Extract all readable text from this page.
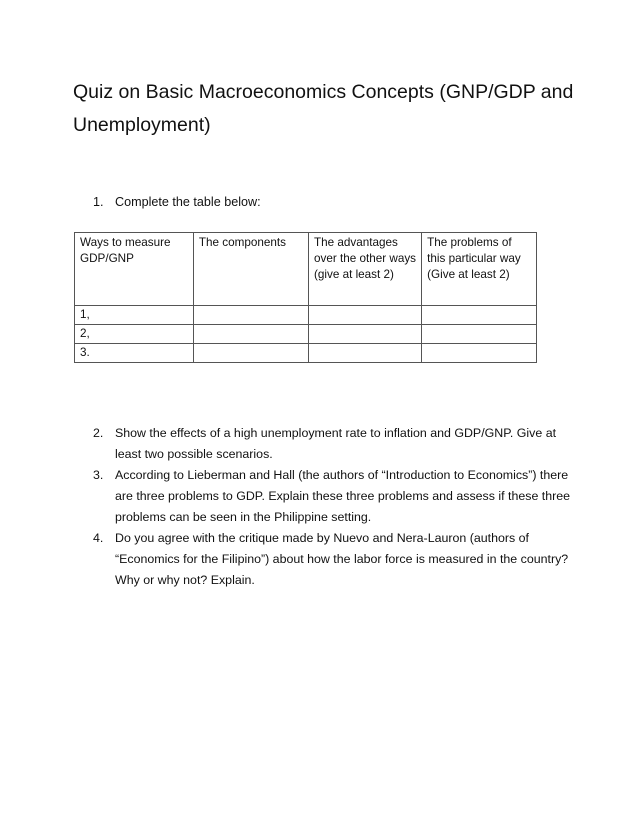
Quiz on Basic Macroeconomics Concepts (GNP/GDP and Unemployment)

1. Complete the table below:

Ways to measure GDP/GNP	The components	The advantages over the other ways (give at least 2)	The problems of this particular way (Give at least 2)
1,			
2,			
3.			
2. Show the effects of a high unemployment rate to inflation and GDP/GNP. Give at least two possible scenarios.
3. According to Lieberman and Hall (the authors of “Introduction to Economics”) there are three problems to GDP. Explain these three problems and assess if these three problems can be seen in the Philippine setting.
4. Do you agree with the critique made by Nuevo and Nera-Lauron (authors of “Economics for the Filipino”) about how the labor force is measured in the country? Why or why not? Explain.
